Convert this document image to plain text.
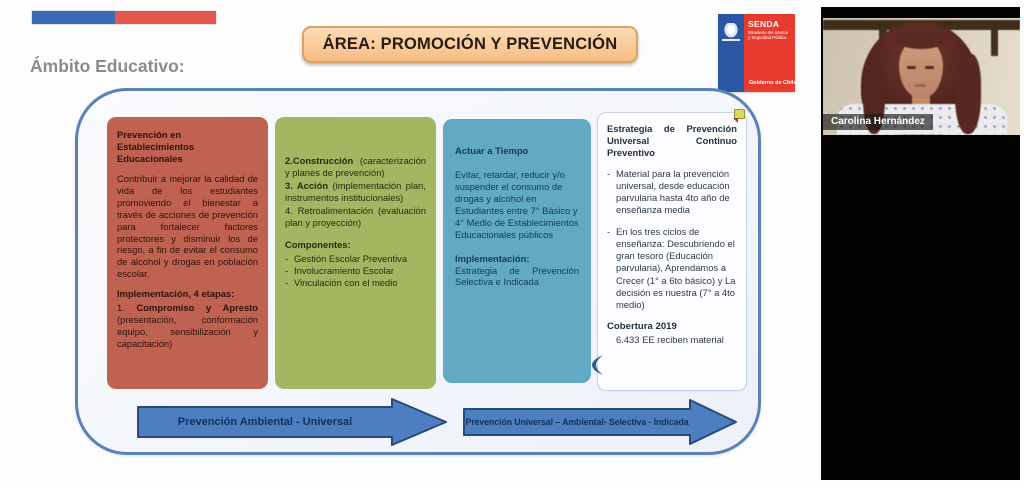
ÁREA: PROMOCIÓN Y PREVENCIÓN
Ámbito Educativo:
SENDA
Ministerio del Interior y Seguridad Pública
Gobierno de Chile

Prevención en Establecimientos Educacionales

Contribuir a mejorar la calidad de vida de los estudiantes promoviendo el bienestar a través de acciones de prevención para fortalecer factores protectores y disminuir los de riesgo, a fin de evitar el consumo de alcohol y drogas en población escolar.

Implementación, 4 etapas:

1. Compromiso y Apresto (presentación, conformación equipo, sensibilización y capacitación)

2.Construcción (caracterización y planes de prevención)

3. Acción (implementación plan, instrumentos institucionales)

4. Retroalimentación (evaluación plan y proyección)

Componentes:

- Gestión Escolar Preventiva
- Involucramiento Escolar
- Vinculación con el medio

Actuar a Tiempo

Evitar, retardar, reducir y/o suspender el consumo de drogas y alcohol en Estudiantes entre 7° Básico y 4° Medio de Establecimientos Educacionales públicos

Implementación:

Estrategia de Prevención Selectiva e Indicada

Estrategia de Prevención Universal Continuo Preventivo

- Material para la prevención universal, desde educación parvularia hasta 4to año de enseñanza media
- En los tres ciclos de enseñanza: Descubriendo el gran tesoro (Educación parvularia), Aprendamos a Crecer (1° a 6to básico) y La decisión es nuestra (7° a 4to medio)
Cobertura 2019
6.433 EE reciben material
Prevención Ambiental - Universal	Prevención Universal – Ambiental- Selectiva - Indicada
Carolina Hernández
